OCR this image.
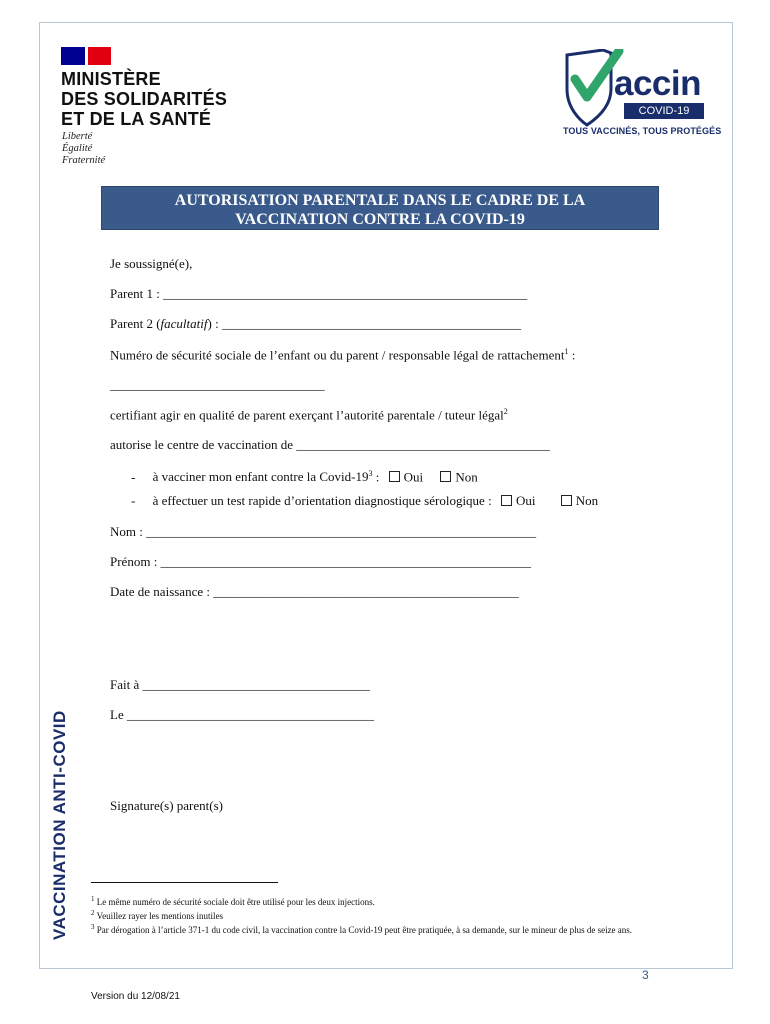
MINISTÈRE
DES SOLIDARITÉS
ET DE LA SANTÉ
Liberté
Égalité
Fraternité
accin
COVID-19
TOUS VACCINÉS, TOUS PROTÉGÉS
AUTORISATION PARENTALE DANS LE CADRE DE LA
VACCINATION CONTRE LA COVID-19
Je soussigné(e),
Parent 1 : ________________________________________________________
Parent 2 (facultatif) : ______________________________________________
Numéro de sécurité sociale de l’enfant ou du parent / responsable légal de rattachement$^1$ :
_________________________________
certifiant agir en qualité de parent exerçant l’autorité parentale / tuteur légal$^2$
autorise le centre de vaccination de _______________________________________
- à vacciner mon enfant contre la Covid-$19^3$ : Oui Non
- à effectuer un test rapide d’orientation diagnostique sérologique : Oui	Non
Nom : ____________________________________________________________
Prénom : _________________________________________________________
Date de naissance : _______________________________________________
Fait à ___________________________________
Le ______________________________________
Signature(s) parent(s)
VACCINATION ANTI-COVID	$^1$ Le même numéro de sécurité sociale doit être utilisé pour les deux injections.
$^2$ Veuillez rayer les mentions inutiles
$^3$ Par dérogation à l’article 371-1 du code civil, la vaccination contre la Covid-19 peut être pratiquée, à sa demande, sur le mineur de plus de seize ans.
3
Version du 12/08/21
